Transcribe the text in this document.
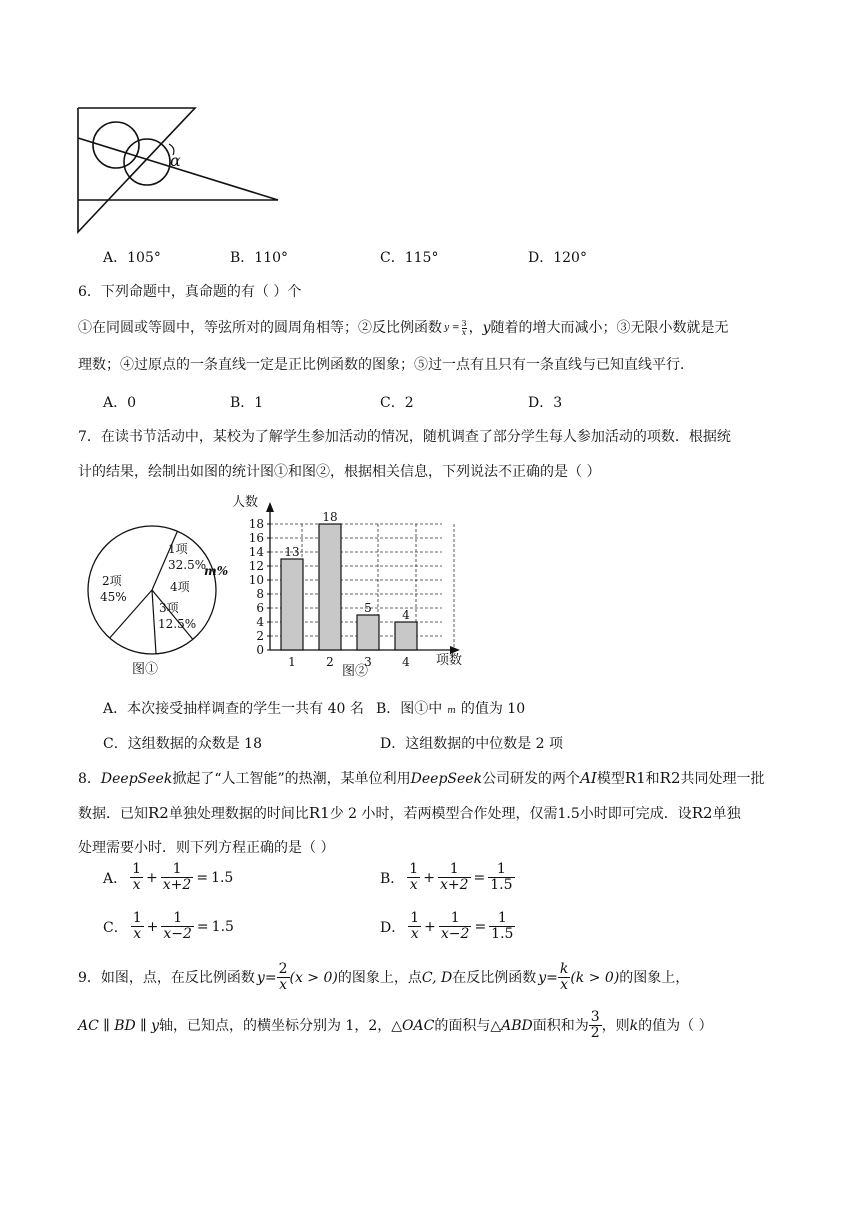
α
A．105°	B．110°	C．115°	D．120°
6．下列命题中，真命题的有（ ）个
①在同圆或等圆中，等弦所对的圆周角相等；②反比例函数 $y = \frac{3}{x}$ ， y 随着的增大而减小；③无限小数就是无
理数；④过原点的一条直线一定是正比例函数的图象；⑤过一点有且只有一条直线与已知直线平行．
A．0	B．1	C．2	D．3
7．在读书节活动中，某校为了解学生参加活动的情况，随机调查了部分学生每人参加活动的项数．根据统
计的结果，绘制出如图的统计图①和图②，根据相关信息，下列说法不正确的是（ ）
1项
32.5%
4项
m%
3项
12.5%
2项
45%
图①
0
2
4
6
8
10
12
14
16
18
13
1
18
2
5
3
4
4
人数
项数
图②
A．本次接受抽样调查的学生一共有 40 名 B．图①中 m 的值为 10
C．这组数据的众数是 18	D．这组数据的中位数是 2 项
8．DeepSeek掀起了“人工智能”的热潮，某单位利用DeepSeek公司研发的两个AI模型R1和R2共同处理一批
数据．已知R2单独处理数据的时间比R1少 2 小时，若两模型合作处理，仅需1.5小时即可完成．设R2单独
处理需要小时．则下列方程正确的是（ ）
A． $\frac{1}{x} + \frac{1}{x+2} = 1.5$	B． $\frac{1}{x} + \frac{1}{x+2} = \frac{1}{1.5}$
C． $\frac{1}{x} + \frac{1}{x-2} = 1.5$	D． $\frac{1}{x} + \frac{1}{x-2} = \frac{1}{1.5}$
9．如图，点，在反比例函数 $y = \frac{2}{x} (x > 0)$ 的图象上，点 C, D 在反比例函数 $y = \frac{k}{x} (k > 0)$ 的图象上，
AC ∥ BD ∥ y 轴，已知点，的横坐标分别为 1，2， △OAC 的面积与 △ABD 面积和为 $\frac{3}{2}$ ，则 k 的值为（ ）
